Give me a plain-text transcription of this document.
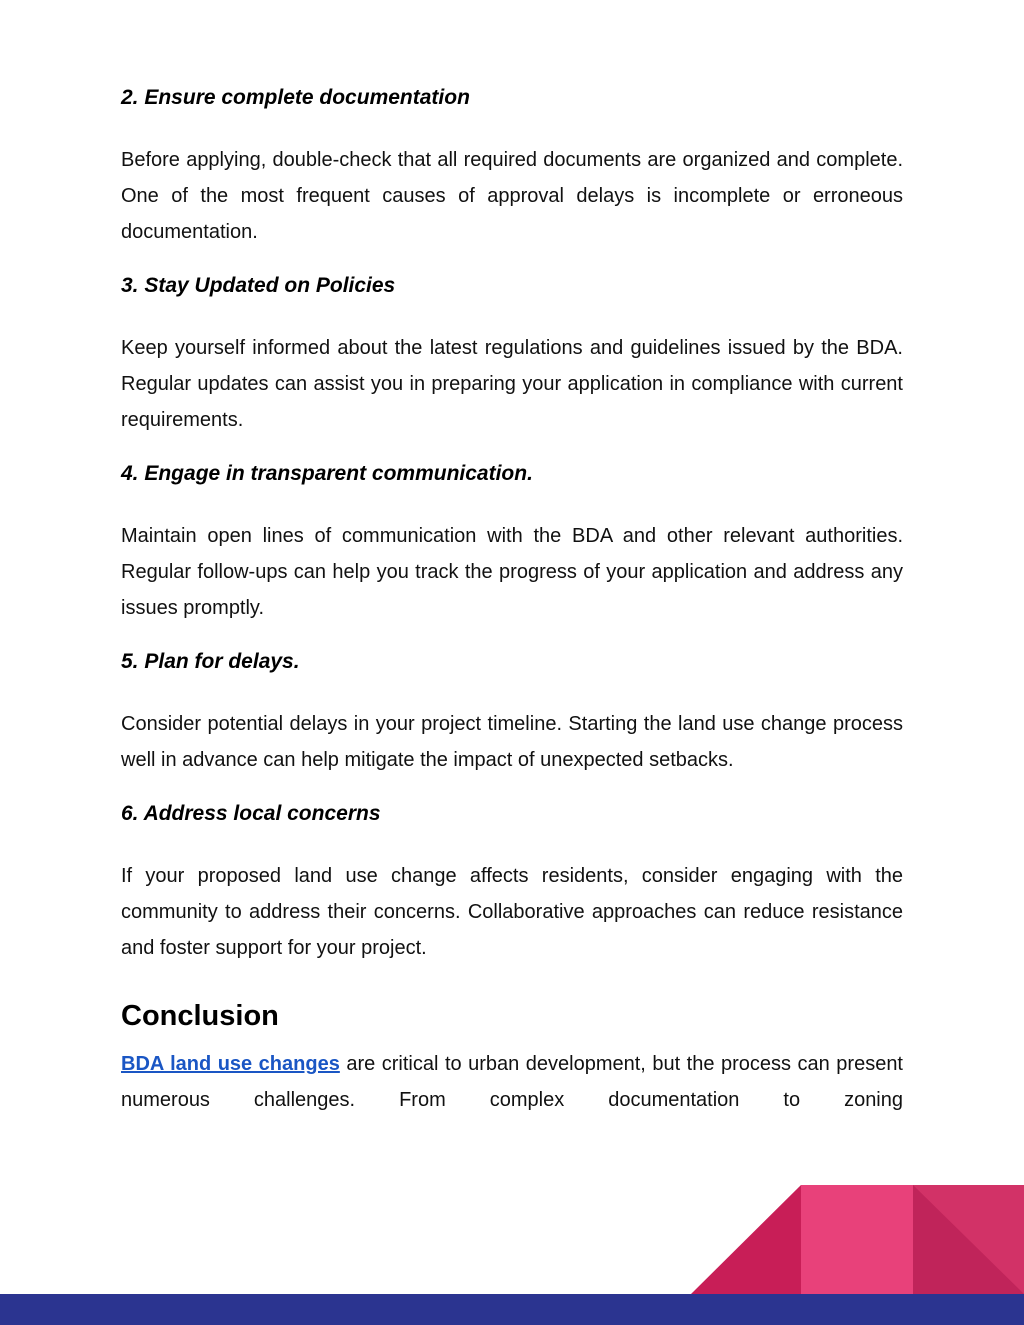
2. Ensure complete documentation

Before applying, double-check that all required documents are organized and complete. One of the most frequent causes of approval delays is incomplete or erroneous documentation.

3. Stay Updated on Policies

Keep yourself informed about the latest regulations and guidelines issued by the BDA. Regular updates can assist you in preparing your application in compliance with current requirements.

4. Engage in transparent communication.

Maintain open lines of communication with the BDA and other relevant authorities. Regular follow-ups can help you track the progress of your application and address any issues promptly.

5. Plan for delays.

Consider potential delays in your project timeline. Starting the land use change process well in advance can help mitigate the impact of unexpected setbacks.

6. Address local concerns

If your proposed land use change affects residents, consider engaging with the community to address their concerns. Collaborative approaches can reduce resistance and foster support for your project.

Conclusion

BDA land use changes are critical to urban development, but the process can present numerous challenges. From complex documentation to zoning
